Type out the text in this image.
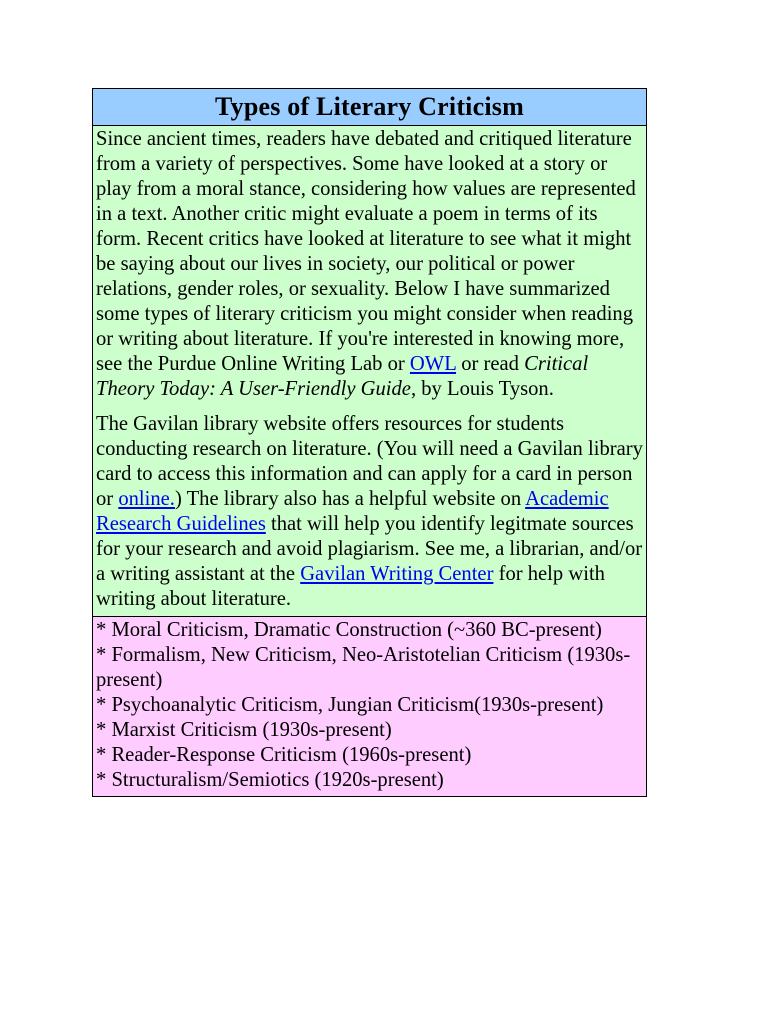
Types of Literary Criticism

Since ancient times, readers have debated and critiqued literature from a variety of perspectives. Some have looked at a story or play from a moral stance, considering how values are represented in a text. Another critic might evaluate a poem in terms of its form. Recent critics have looked at literature to see what it might be saying about our lives in society, our political or power relations, gender roles, or sexuality. Below I have summarized some types of literary criticism you might consider when reading or writing about literature. If you're interested in knowing more, see the Purdue Online Writing Lab or OWL or read Critical Theory Today: A User-Friendly Guide, by Louis Tyson.

The Gavilan library website offers resources for students conducting research on literature. (You will need a Gavilan library card to access this information and can apply for a card in person or online.) The library also has a helpful website on Academic Research Guidelines that will help you identify legitmate sources for your research and avoid plagiarism. See me, a librarian, and/or a writing assistant at the Gavilan Writing Center for help with writing about literature.

* Moral Criticism, Dramatic Construction (~360 BC-present)
* Formalism, New Criticism, Neo-Aristotelian Criticism (1930s-present)
* Psychoanalytic Criticism, Jungian Criticism(1930s-present)
* Marxist Criticism (1930s-present)
* Reader-Response Criticism (1960s-present)
* Structuralism/Semiotics (1920s-present)
